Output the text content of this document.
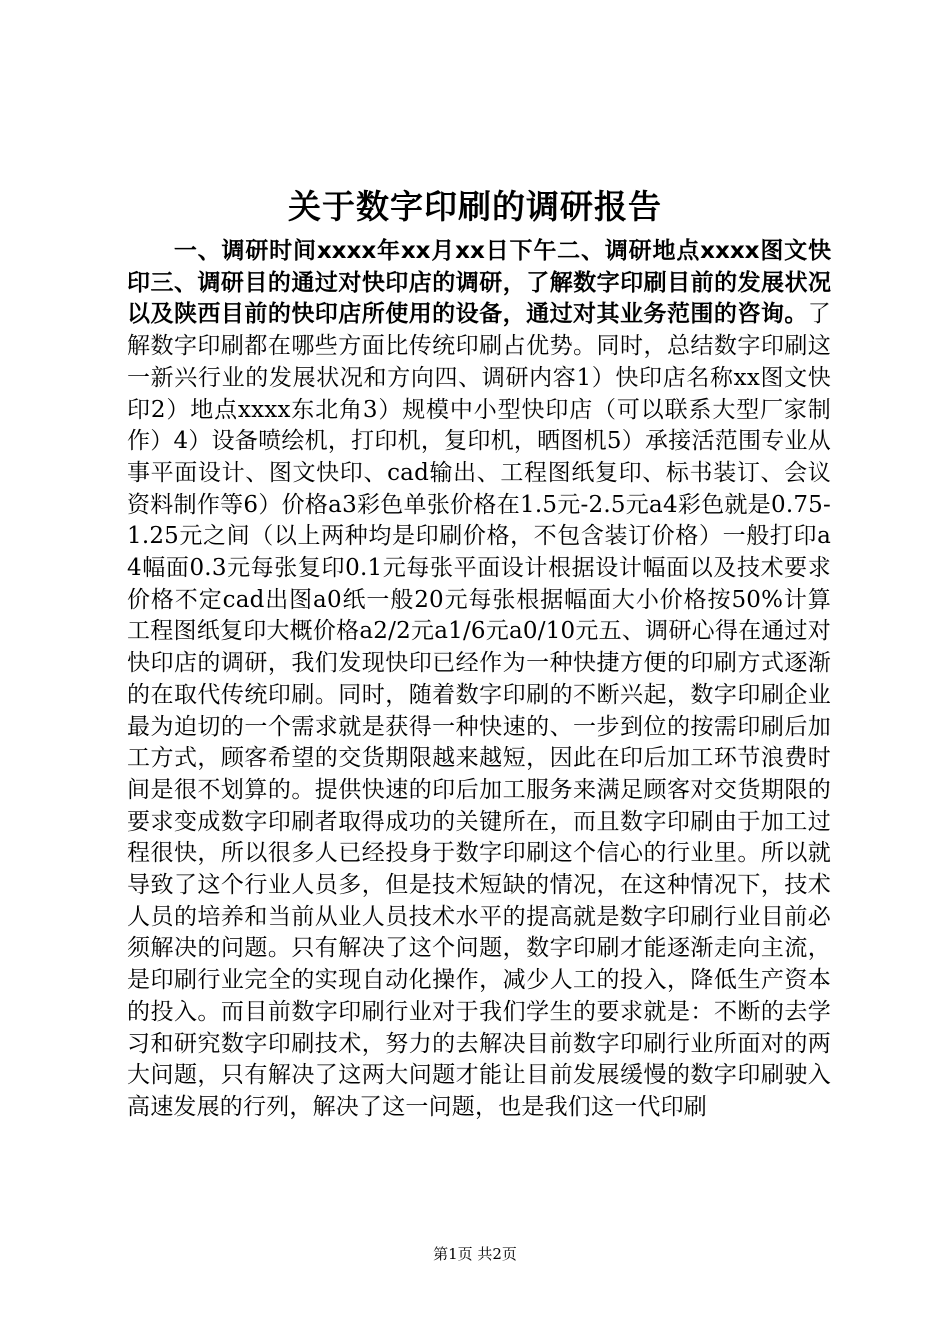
关于数字印刷的调研报告
一、调研时间xxxx年xx月xx日下午二、调研地点xxxx图文快印三、调研目的通过对快印店的调研，了解数字印刷目前的发展状况以及陕西目前的快印店所使用的设备，通过对其业务范围的咨询。了解数字印刷都在哪些方面比传统印刷占优势。同时，总结数字印刷这一新兴行业的发展状况和方向四、调研内容1）快印店名称xx图文快印2）地点xxxx东北角3）规模中小型快印店（可以联系大型厂家制作）4）设备喷绘机，打印机，复印机，晒图机5）承接活范围专业从事平面设计、图文快印、cad输出、工程图纸复印、标书装订、会议资料制作等6）价格a3彩色单张价格在1.5元-2.5元a4彩色就是0.75-1.25元之间（以上两种均是印刷价格，不包含装订价格）一般打印a4幅面0.3元每张复印0.1元每张平面设计根据设计幅面以及技术要求价格不定cad出图a0纸一般20元每张根据幅面大小价格按50%计算工程图纸复印大概价格a2/2元a1/6元a0/10元五、调研心得在通过对快印店的调研，我们发现快印已经作为一种快捷方便的印刷方式逐渐的在取代传统印刷。同时，随着数字印刷的不断兴起，数字印刷企业最为迫切的一个需求就是获得一种快速的、一步到位的按需印刷后加工方式，顾客希望的交货期限越来越短，因此在印后加工环节浪费时间是很不划算的。提供快速的印后加工服务来满足顾客对交货期限的要求变成数字印刷者取得成功的关键所在，而且数字印刷由于加工过程很快，所以很多人已经投身于数字印刷这个信心的行业里。所以就导致了这个行业人员多，但是技术短缺的情况，在这种情况下，技术人员的培养和当前从业人员技术水平的提高就是数字印刷行业目前必须解决的问题。只有解决了这个问题，数字印刷才能逐渐走向主流，是印刷行业完全的实现自动化操作，减少人工的投入，降低生产资本的投入。而目前数字印刷行业对于我们学生的要求就是：不断的去学习和研究数字印刷技术，努力的去解决目前数字印刷行业所面对的两大问题，只有解决了这两大问题才能让目前发展缓慢的数字印刷驶入高速发展的行列，解决了这一问题，也是我们这一代印刷
第1页 共2页
